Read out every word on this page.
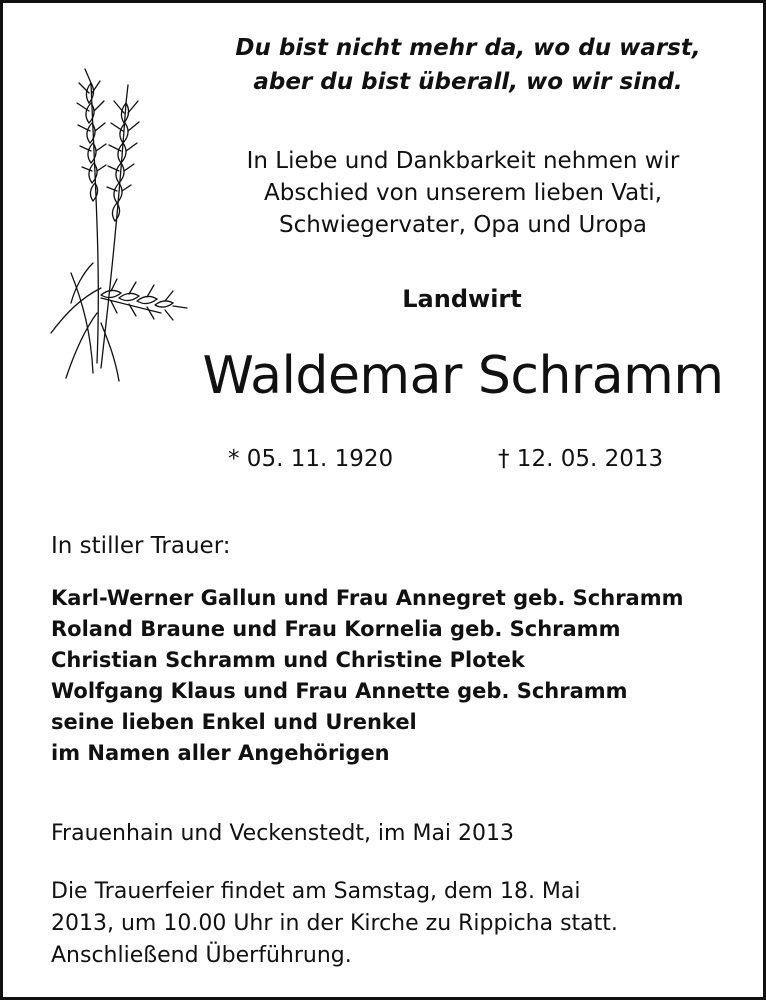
Du bist nicht mehr da, wo du warst,
aber du bist überall, wo wir sind.
In Liebe und Dankbarkeit nehmen wir
Abschied von unserem lieben Vati,
Schwiegervater, Opa und Uropa
Landwirt
Waldemar Schramm
* 05. 11. 1920	† 12. 05. 2013
In stiller Trauer:
Karl-Werner Gallun und Frau Annegret geb. Schramm
Roland Braune und Frau Kornelia geb. Schramm
Christian Schramm und Christine Plotek
Wolfgang Klaus und Frau Annette geb. Schramm
seine lieben Enkel und Urenkel
im Namen aller Angehörigen
Frauenhain und Veckenstedt, im Mai 2013
Die Trauerfeier findet am Samstag, dem 18. Mai
2013, um 10.00 Uhr in der Kirche zu Rippicha statt.
Anschließend Überführung.
